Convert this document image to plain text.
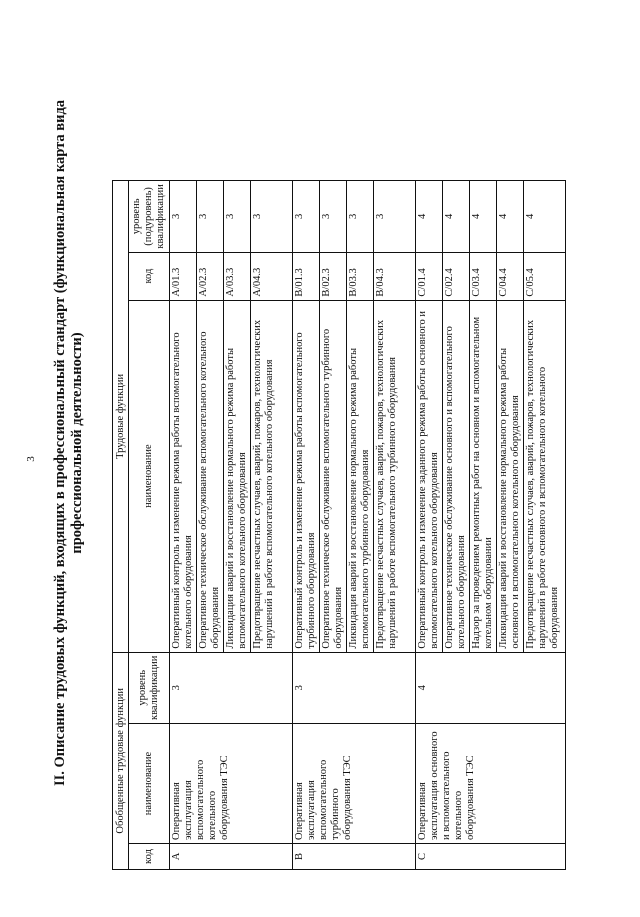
3 II. Описание трудовых функций, входящих в профессиональный стандарт (функциональная карта вида профессиональной деятельности)
Обобщенные трудовые функции			Трудовые функции		
код	наименование	уровень квалификации	наименование	код	уровень (подуровень) квалификации
A	Оперативная эксплуатация вспомогательного котельного оборудования ТЭС	3	Оперативный контроль и изменение режима работы вспомогательного котельного оборудования	A/01.3	3
			Оперативное техническое обслуживание вспомогательного котельного оборудования	A/02.3	3
			Ликвидация аварий и восстановление нормального режима работы вспомогательного котельного оборудования	A/03.3	3
			Предотвращение несчастных случаев, аварий, пожаров, технологических нарушений в работе вспомогательного котельного оборудования	A/04.3	3
B	Оперативная эксплуатация вспомогательного турбинного оборудования ТЭС	3	Оперативный контроль и изменение режима работы вспомогательного турбинного оборудования	B/01.3	3
			Оперативное техническое обслуживание вспомогательного турбинного оборудования	B/02.3	3
			Ликвидация аварий и восстановление нормального режима работы вспомогательного турбинного оборудования	B/03.3	3
			Предотвращение несчастных случаев, аварий, пожаров, технологических нарушений в работе вспомогательного турбинного оборудования	B/04.3	3
C	Оперативная эксплуатация основного и вспомогательного котельного оборудования ТЭС	4	Оперативный контроль и изменение заданного режима работы основного и вспомогательного котельного оборудования	C/01.4	4
			Оперативное техническое обслуживание основного и вспомогательного котельного оборудования	C/02.4	4
			Надзор за проведением ремонтных работ на основном и вспомогательном котельном оборудовании	C/03.4	4
			Ликвидация аварий и восстановление нормального режима работы основного и вспомогательного котельного оборудования	C/04.4	4
			Предотвращение несчастных случаев, аварий, пожаров, технологических нарушений в работе основного и вспомогательного котельного оборудования	C/05.4	4
